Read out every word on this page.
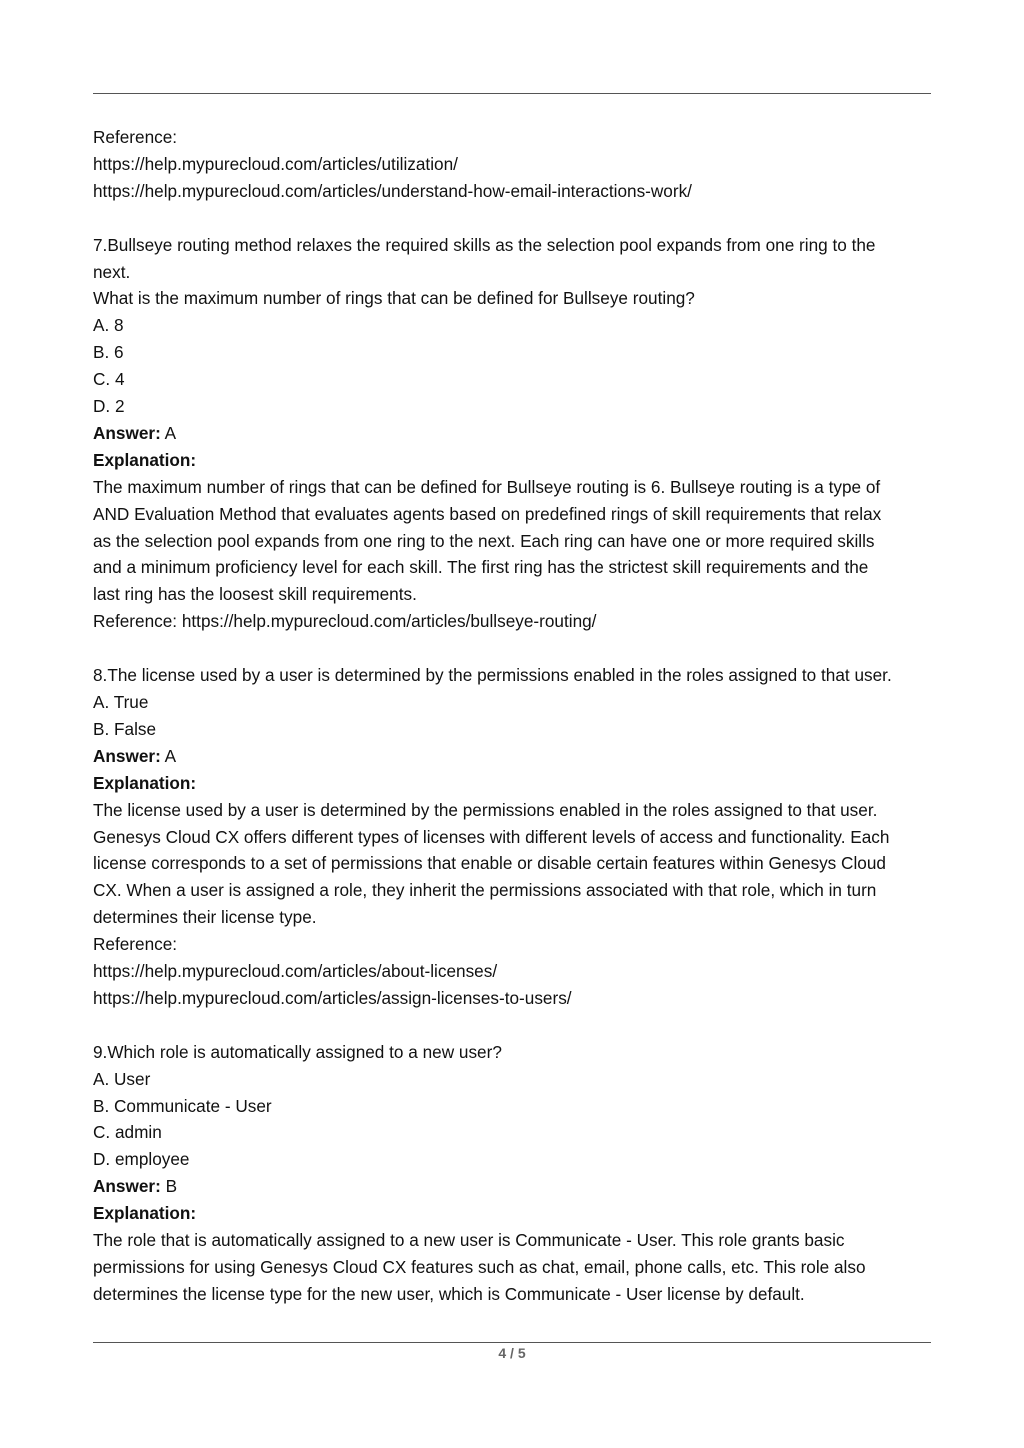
Reference:
https://help.mypurecloud.com/articles/utilization/
https://help.mypurecloud.com/articles/understand-how-email-interactions-work/
7.Bullseye routing method relaxes the required skills as the selection pool expands from one ring to the
next.
What is the maximum number of rings that can be defined for Bullseye routing?
A. 8
B. 6
C. 4
D. 2
Answer: A
Explanation:
The maximum number of rings that can be defined for Bullseye routing is 6. Bullseye routing is a type of
AND Evaluation Method that evaluates agents based on predefined rings of skill requirements that relax
as the selection pool expands from one ring to the next. Each ring can have one or more required skills
and a minimum proficiency level for each skill. The first ring has the strictest skill requirements and the
last ring has the loosest skill requirements.
Reference: https://help.mypurecloud.com/articles/bullseye-routing/
8.The license used by a user is determined by the permissions enabled in the roles assigned to that user.
A. True
B. False
Answer: A
Explanation:
The license used by a user is determined by the permissions enabled in the roles assigned to that user.
Genesys Cloud CX offers different types of licenses with different levels of access and functionality. Each
license corresponds to a set of permissions that enable or disable certain features within Genesys Cloud
CX. When a user is assigned a role, they inherit the permissions associated with that role, which in turn
determines their license type.
Reference:
https://help.mypurecloud.com/articles/about-licenses/
https://help.mypurecloud.com/articles/assign-licenses-to-users/
9.Which role is automatically assigned to a new user?
A. User
B. Communicate - User
C. admin
D. employee
Answer: B
Explanation:
The role that is automatically assigned to a new user is Communicate - User. This role grants basic
permissions for using Genesys Cloud CX features such as chat, email, phone calls, etc. This role also
determines the license type for the new user, which is Communicate - User license by default.
4 / 5
